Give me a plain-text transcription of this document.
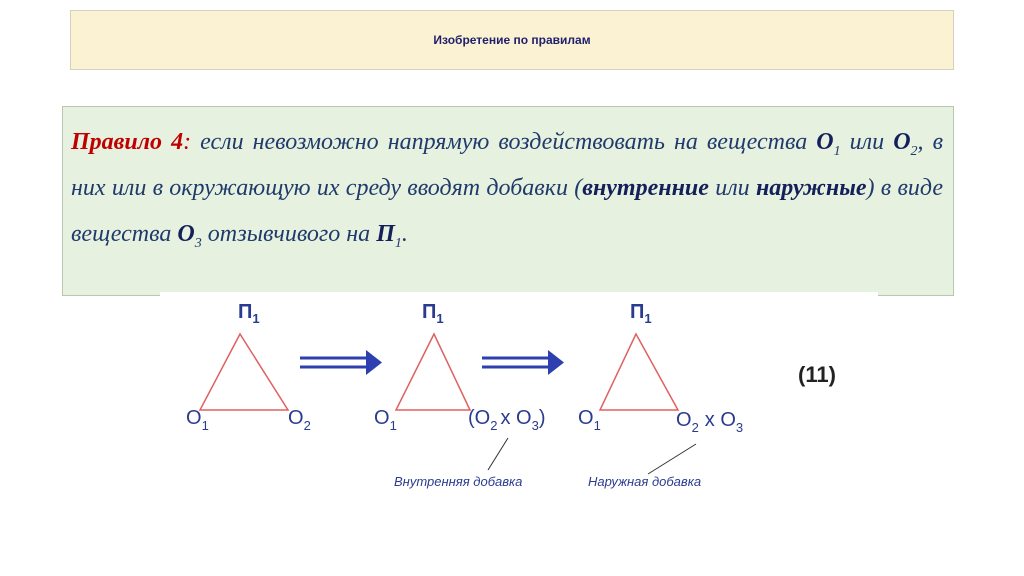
Изобретение по правилам
Правило 4: если невозможно напрямую воздействовать на вещества $О_1$ или $О_2$, в них или в окружающую их среду вводят добавки (внутренние или наружные) в виде вещества $О_3$ отзывчивого на $П_1$.
$П_1$
$O_1$	$O_2$
$П_1$
$O_1$	($O_2$ x $O_3$)
$П_1$
$O_1$	$O_2$ x $O_3$
(11)
Внутренняя добавка	Наружная добавка
